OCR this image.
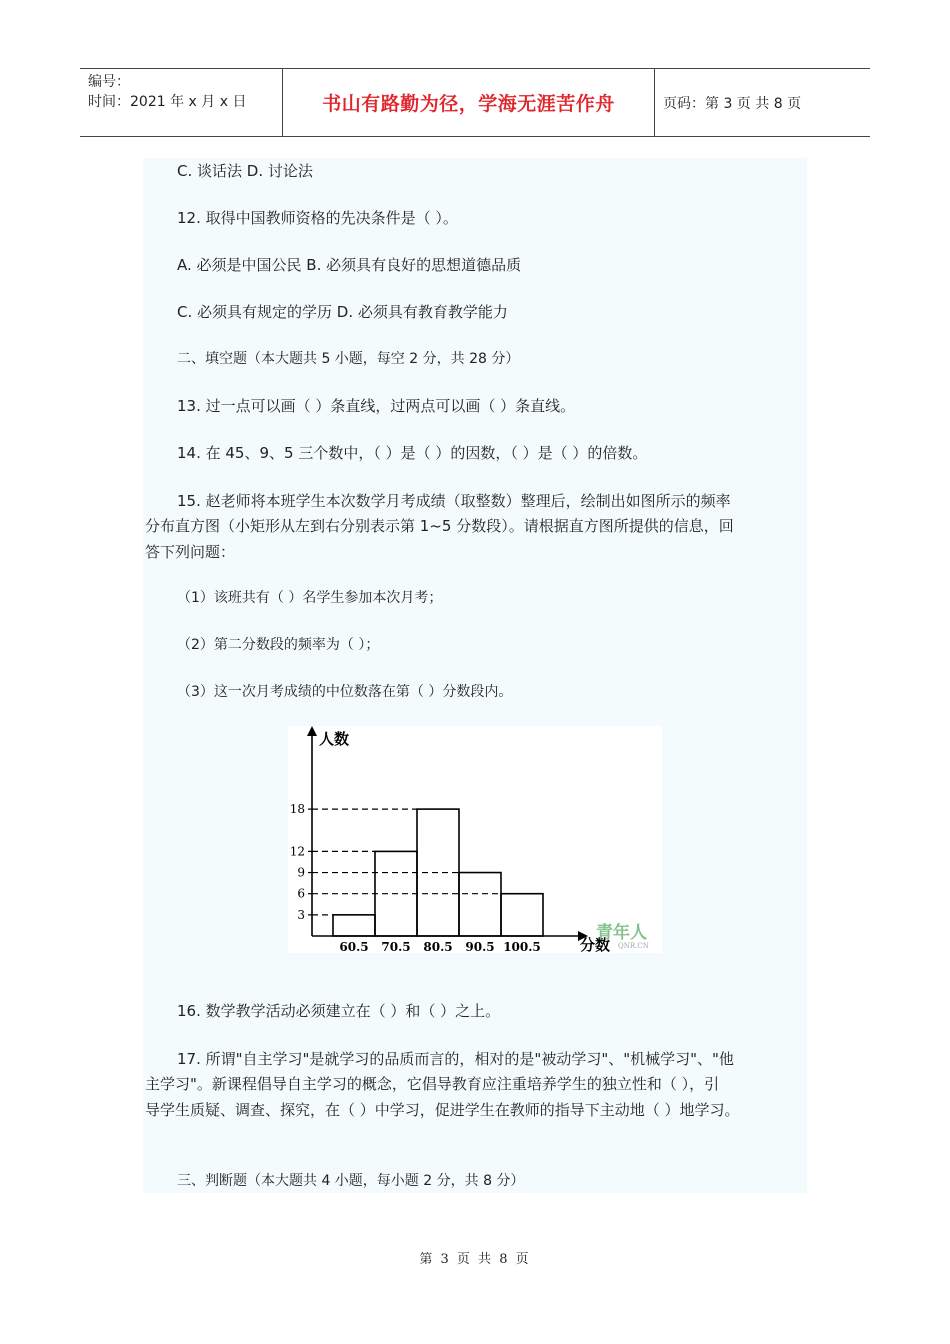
编号：
时间：2021 年 x 月 x 日	书山有路勤为径，学海无涯苦作舟	页码：第 3 页 共 8 页
C. 谈话法 D. 讨论法
12. 取得中国教师资格的先决条件是（ ）。
A. 必须是中国公民 B. 必须具有良好的思想道德品质
C. 必须具有规定的学历 D. 必须具有教育教学能力
二、填空题（本大题共 5 小题，每空 2 分，共 28 分）
13. 过一点可以画（ ）条直线，过两点可以画（ ）条直线。
14. 在 45、9、5 三个数中，（ ）是（ ）的因数，（ ）是（ ）的倍数。
15. 赵老师将本班学生本次数学月考成绩（取整数）整理后，绘制出如图所示的频率
分布直方图（小矩形从左到右分别表示第 1~5 分数段）。请根据直方图所提供的信息，回
答下列问题：
（1）该班共有（ ）名学生参加本次月考；
（2）第二分数段的频率为（ ）；
（3）这一次月考成绩的中位数落在第（ ）分数段内。
人数
分数
3
6
9
12
18
60.5 70.5 80.5 90.5 100.5
青年人
QNR.CN
16. 数学教学活动必须建立在（ ）和（ ）之上。
17. 所谓"自主学习"是就学习的品质而言的，相对的是"被动学习"、"机械学习"、"他
主学习"。新课程倡导自主学习的概念，它倡导教育应注重培养学生的独立性和（ ），引
导学生质疑、调查、探究，在（ ）中学习，促进学生在教师的指导下主动地（ ）地学习。
三、判断题（本大题共 4 小题，每小题 2 分，共 8 分）
第 3 页 共 8 页
